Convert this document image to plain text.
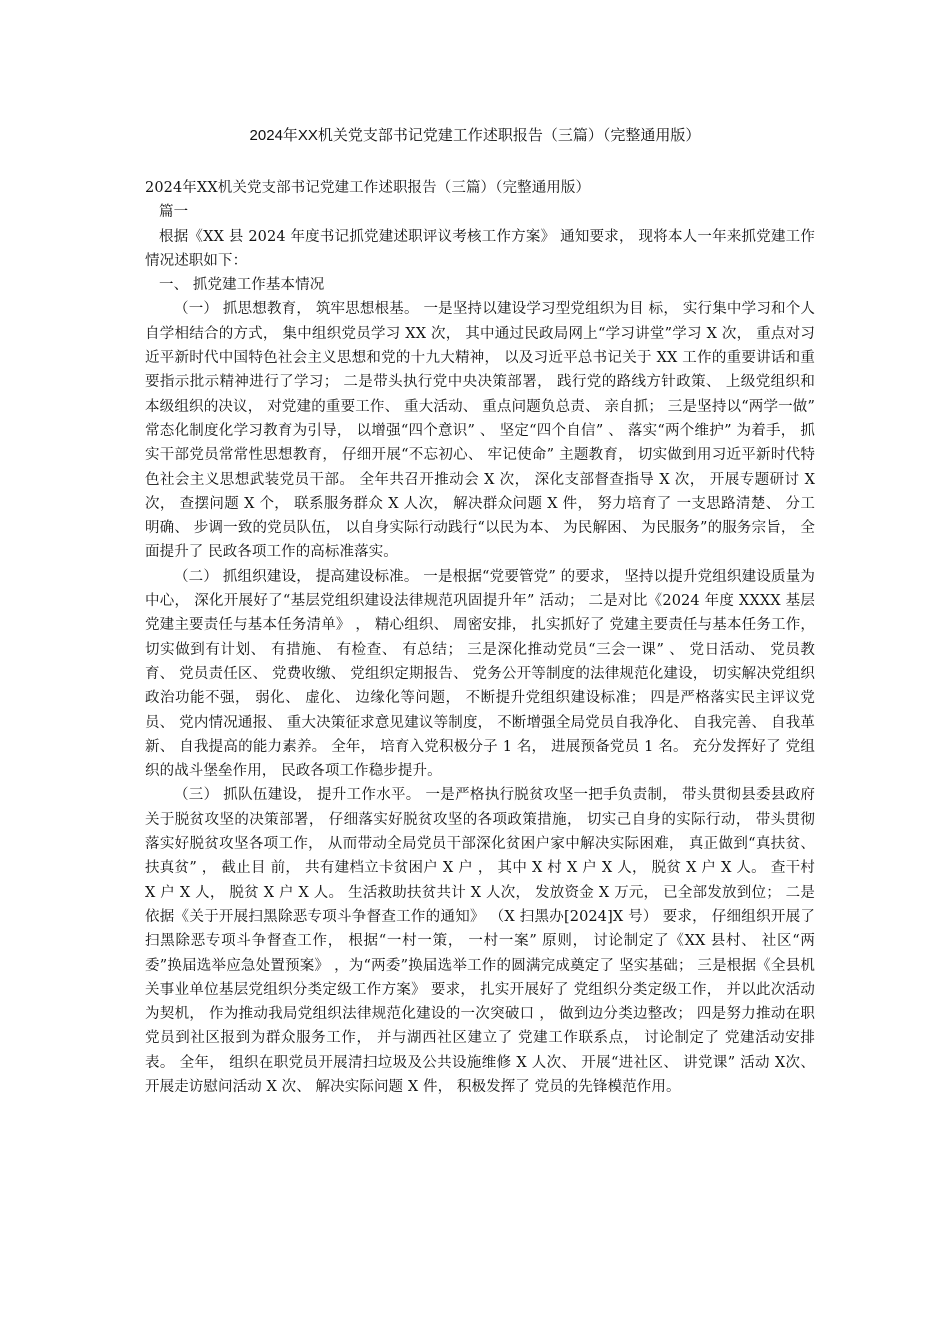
2024年XX机关党支部书记党建工作述职报告（三篇）（完整通用版）

2024年XX机关党支部书记党建工作述职报告（三篇）（完整通用版）

篇一

根据《XX 县 2024 年度书记抓党建述职评议考核工作方案》 通知要求， 现将本人一年来抓党建工作情况述职如下：

一、 抓党建工作基本情况

（一） 抓思想教育， 筑牢思想根基。 一是坚持以建设学习型党组织为目 标， 实行集中学习和个人自学相结合的方式， 集中组织党员学习 XX 次， 其中通过民政局网上“学习讲堂”学习 X 次， 重点对习 近平新时代中国特色社会主义思想和党的十九大精神， 以及习近平总书记关于 XX 工作的重要讲话和重要指示批示精神进行了学习； 二是带头执行党中央决策部署， 践行党的路线方针政策、 上级党组织和本级组织的决议， 对党建的重要工作、 重大活动、 重点问题负总责、 亲自抓； 三是坚持以“两学一做” 常态化制度化学习教育为引导， 以增强“四个意识” 、 坚定“四个自信” 、 落实“两个维护” 为着手， 抓实干部党员常常性思想教育， 仔细开展“不忘初心、 牢记使命” 主题教育， 切实做到用习近平新时代特色社会主义思想武装党员干部。 全年共召开推动会 X 次， 深化支部督查指导 X 次， 开展专题研讨 X 次， 查摆问题 X 个， 联系服务群众 X 人次， 解决群众问题 X 件， 努力培育了 一支思路清楚、 分工明确、 步调一致的党员队伍， 以自身实际行动践行“以民为本、 为民解困、 为民服务”的服务宗旨， 全面提升了 民政各项工作的高标准落实。

（二） 抓组织建设， 提高建设标准。 一是根据“党要管党” 的要求， 坚持以提升党组织建设质量为中心， 深化开展好了“基层党组织建设法律规范巩固提升年” 活动； 二是对比《2024 年度 XXXX 基层党建主要责任与基本任务清单》 ， 精心组织、 周密安排， 扎实抓好了 党建主要责任与基本任务工作， 切实做到有计划、 有措施、 有检查、 有总结； 三是深化推动党员“三会一课” 、 党日活动、 党员教育、 党员责任区、 党费收缴、 党组织定期报告、 党务公开等制度的法律规范化建设， 切实解决党组织政治功能不强， 弱化、 虚化、 边缘化等问题， 不断提升党组织建设标准； 四是严格落实民主评议党员、 党内情况通报、 重大决策征求意见建议等制度， 不断增强全局党员自我净化、 自我完善、 自我革新、 自我提高的能力素养。 全年， 培育入党积极分子 1 名， 进展预备党员 1 名。 充分发挥好了 党组织的战斗堡垒作用， 民政各项工作稳步提升。

（三） 抓队伍建设， 提升工作水平。 一是严格执行脱贫攻坚一把手负责制， 带头贯彻县委县政府关于脱贫攻坚的决策部署， 仔细落实好脱贫攻坚的各项政策措施， 切实己自身的实际行动， 带头贯彻落实好脱贫攻坚各项工作， 从而带动全局党员干部深化贫困户家中解决实际困难， 真正做到“真扶贫、 扶真贫” ， 截止目 前， 共有建档立卡贫困户 X 户 ， 其中 X 村 X 户 X 人， 脱贫 X 户 X 人。 查干村 X 户 X 人， 脱贫 X 户 X 人。 生活救助扶贫共计 X 人次， 发放资金 X 万元， 已全部发放到位； 二是依据《关于开展扫黑除恶专项斗争督查工作的通知》 （X 扫黑办[2024]X 号） 要求， 仔细组织开展了 扫黑除恶专项斗争督查工作， 根据“一村一策， 一村一案” 原则， 讨论制定了《XX 县村、 社区“两委”换届选举应急处置预案》 ，为“两委”换届选举工作的圆满完成奠定了 坚实基础； 三是根据《全县机关事业单位基层党组织分类定级工作方案》 要求， 扎实开展好了 党组织分类定级工作， 并以此次活动为契机， 作为推动我局党组织法律规范化建设的一次突破口 ， 做到边分类边整改； 四是努力推动在职党员到社区报到为群众服务工作， 并与湖西社区建立了 党建工作联系点， 讨论制定了 党建活动安排表。 全年， 组织在职党员开展清扫垃圾及公共设施维修 X 人次、 开展“进社区、 讲党课” 活动 X次、 开展走访慰问活动 X 次、 解决实际问题 X 件， 积极发挥了 党员的先锋模范作用。
